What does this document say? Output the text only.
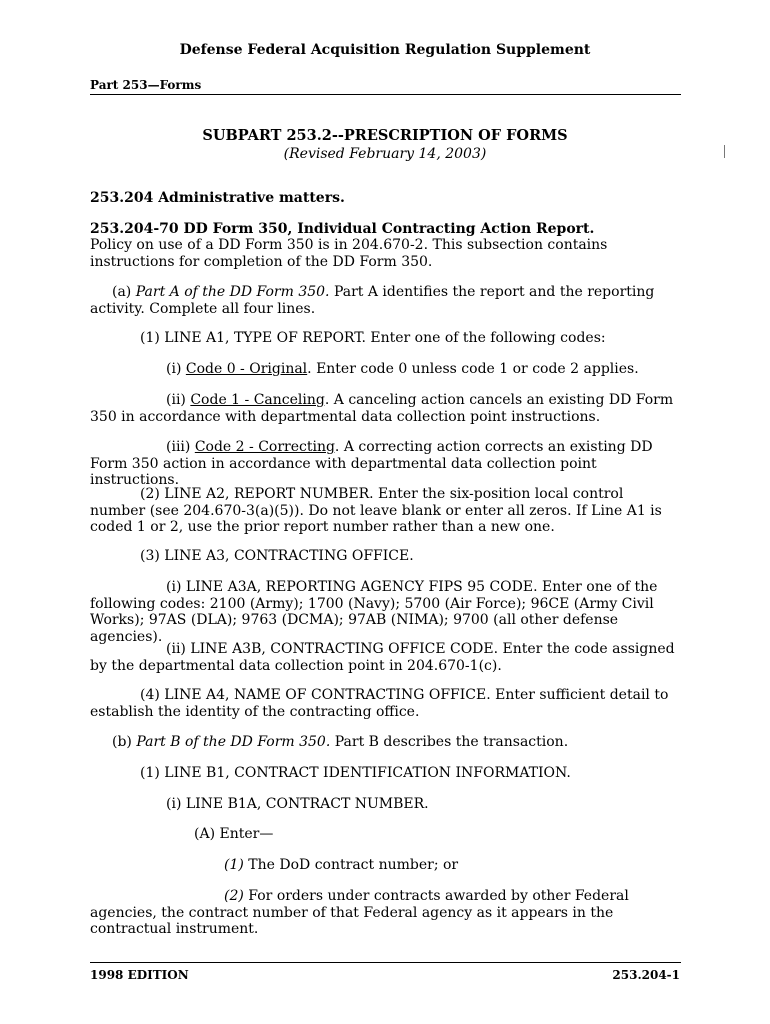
Defense Federal Acquisition Regulation Supplement
Part 253—Forms
SUBPART 253.2--PRESCRIPTION OF FORMS
(Revised February 14, 2003)
253.204 Administrative matters.
253.204-70 DD Form 350, Individual Contracting Action Report.
Policy on use of a DD Form 350 is in 204.670-2. This subsection contains instructions for completion of the DD Form 350.
(a) Part A of the DD Form 350. Part A identifies the report and the reporting activity. Complete all four lines.
(1) LINE A1, TYPE OF REPORT. Enter one of the following codes:
(i) Code 0 - Original. Enter code 0 unless code 1 or code 2 applies.
(ii) Code 1 - Canceling. A canceling action cancels an existing DD Form 350 in accordance with departmental data collection point instructions.
(iii) Code 2 - Correcting. A correcting action corrects an existing DD Form 350 action in accordance with departmental data collection point instructions.
(2) LINE A2, REPORT NUMBER. Enter the six-position local control number (see 204.670-3(a)(5)). Do not leave blank or enter all zeros. If Line A1 is coded 1 or 2, use the prior report number rather than a new one.
(3) LINE A3, CONTRACTING OFFICE.
(i) LINE A3A, REPORTING AGENCY FIPS 95 CODE. Enter one of the following codes: 2100 (Army); 1700 (Navy); 5700 (Air Force); 96CE (Army Civil Works); 97AS (DLA); 9763 (DCMA); 97AB (NIMA); 9700 (all other defense agencies).
(ii) LINE A3B, CONTRACTING OFFICE CODE. Enter the code assigned by the departmental data collection point in 204.670-1(c).
(4) LINE A4, NAME OF CONTRACTING OFFICE. Enter sufficient detail to establish the identity of the contracting office.
(b) Part B of the DD Form 350. Part B describes the transaction.
(1) LINE B1, CONTRACT IDENTIFICATION INFORMATION.
(i) LINE B1A, CONTRACT NUMBER.
(A) Enter—
(1) The DoD contract number; or
(2) For orders under contracts awarded by other Federal agencies, the contract number of that Federal agency as it appears in the contractual instrument.
1998 EDITION	253.204-1
